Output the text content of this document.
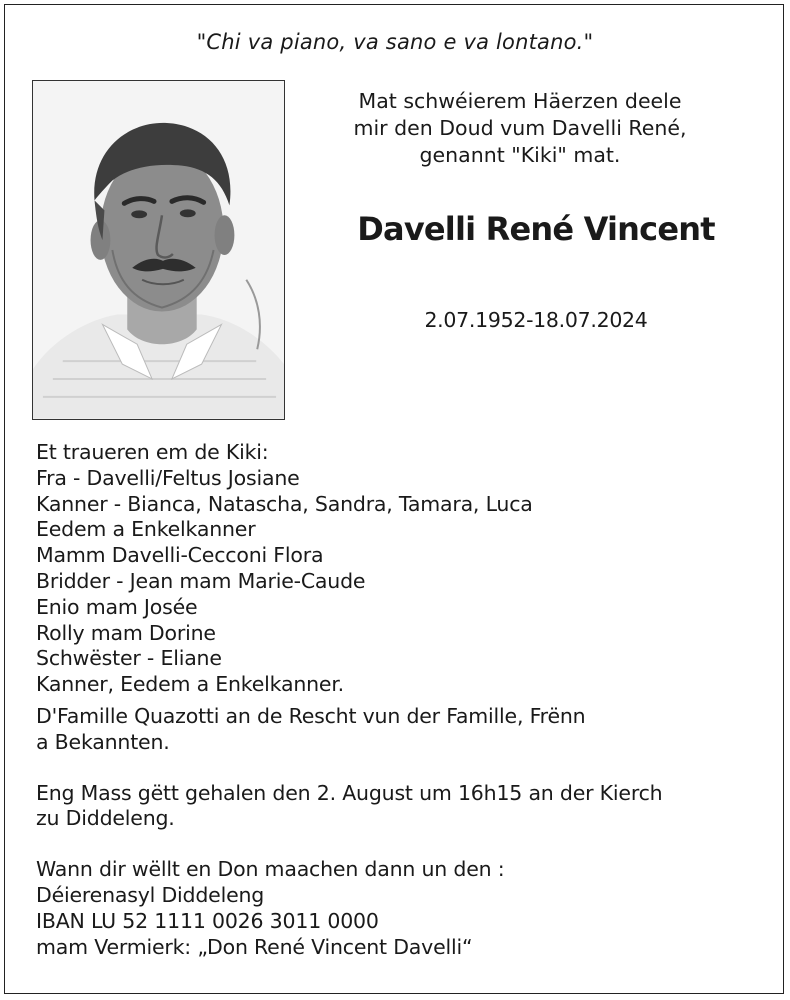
"Chi va piano, va sano e va lontano."
Mat schwéierem Häerzen deele
mir den Doud vum Davelli René,
genannt "Kiki" mat.
Davelli René Vincent
2.07.1952-18.07.2024
Et traueren em de Kiki:
Fra - Davelli/Feltus Josiane
Kanner - Bianca, Natascha, Sandra, Tamara, Luca
Eedem a Enkelkanner
Mamm Davelli-Cecconi Flora
Bridder - Jean mam Marie-Caude
Enio mam Josée
Rolly mam Dorine
Schwëster - Eliane
Kanner, Eedem a Enkelkanner.
D'Famille Quazotti an de Rescht vun der Famille, Frënn
a Bekannten.
Eng Mass gëtt gehalen den 2. August um 16h15 an der Kierch
zu Diddeleng.
Wann dir wëllt en Don maachen dann un den :
Déierenasyl Diddeleng
IBAN LU 52 1111 0026 3011 0000
mam Vermierk: „Don René Vincent Davelli“
